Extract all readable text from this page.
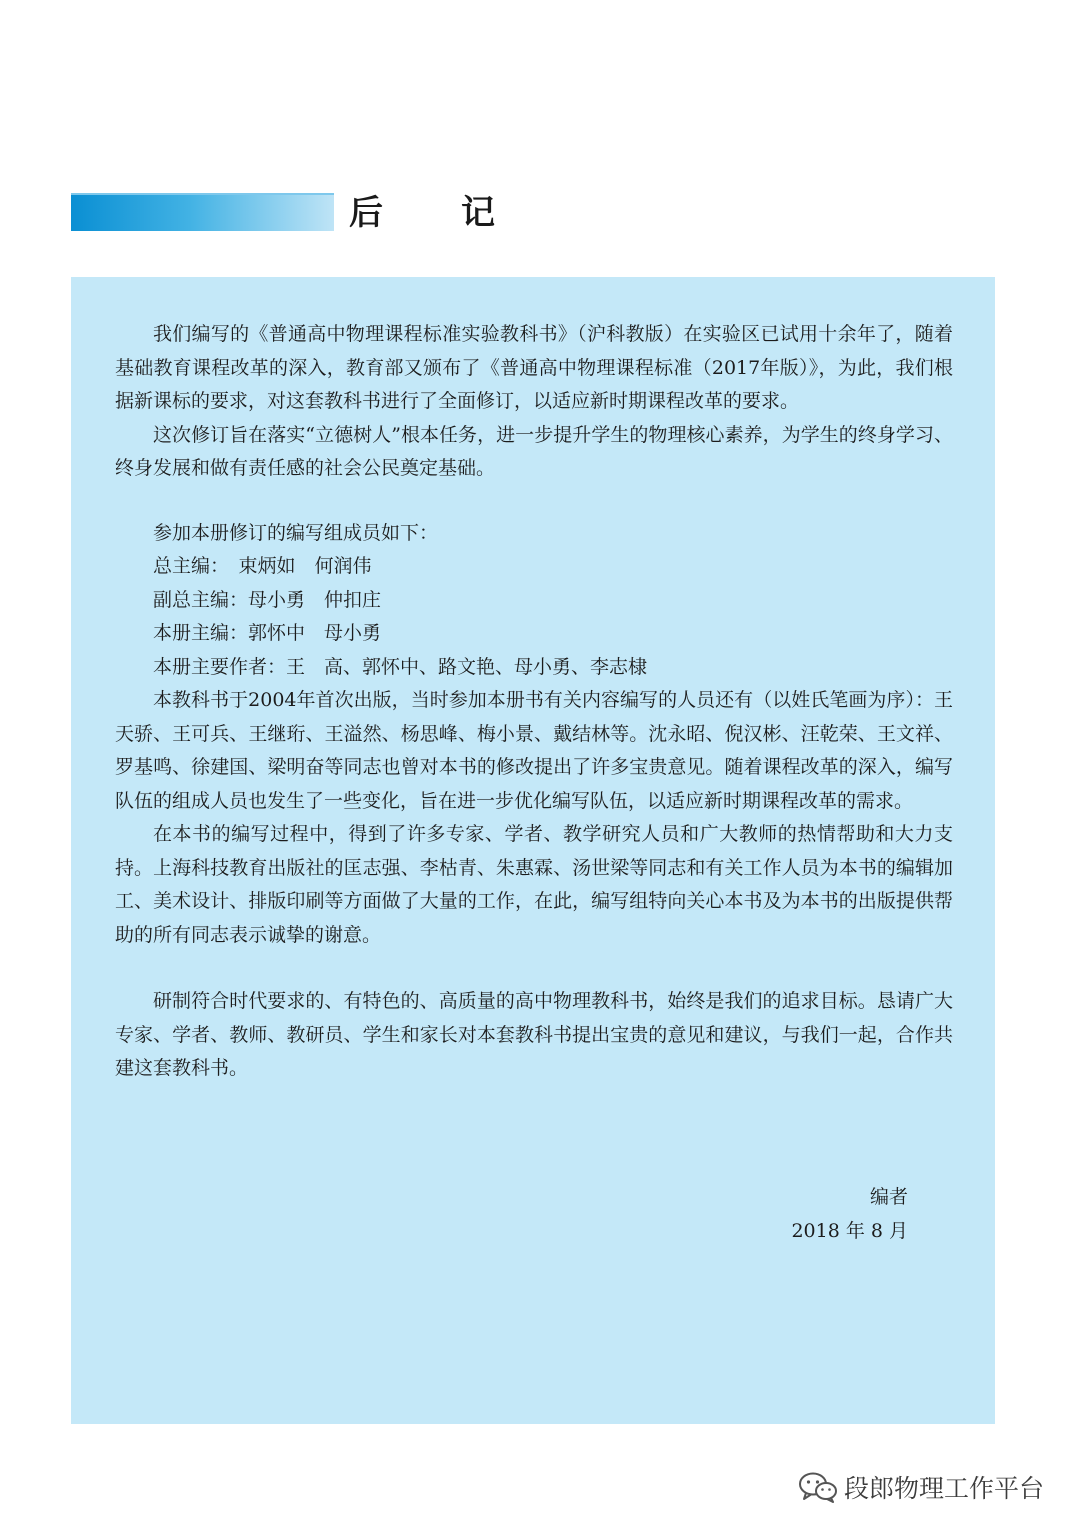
后记

我们编写的《普通高中物理课程标准实验教科书》（沪科教版）在实验区已试用十余年了，随着基础教育课程改革的深入，教育部又颁布了《普通高中物理课程标准（2017年版）》，为此，我们根据新课标的要求，对这套教科书进行了全面修订，以适应新时期课程改革的要求。

这次修订旨在落实“立德树人”根本任务，进一步提升学生的物理核心素养，为学生的终身学习、终身发展和做有责任感的社会公民奠定基础。

参加本册修订的编写组成员如下：

总主编：　束炳如　何润伟

副总主编：母小勇　仲扣庄

本册主编：郭怀中　母小勇

本册主要作者：王　高、郭怀中、路文艳、母小勇、李志棣

本教科书于2004年首次出版，当时参加本册书有关内容编写的人员还有（以姓氏笔画为序）：王天骄、王可兵、王继珩、王溢然、杨思峰、梅小景、戴结林等。沈永昭、倪汉彬、汪乾荣、王文祥、罗基鸣、徐建国、梁明奋等同志也曾对本书的修改提出了许多宝贵意见。随着课程改革的深入，编写队伍的组成人员也发生了一些变化，旨在进一步优化编写队伍，以适应新时期课程改革的需求。

在本书的编写过程中，得到了许多专家、学者、教学研究人员和广大教师的热情帮助和大力支持。上海科技教育出版社的匡志强、李枯青、朱惠霖、汤世梁等同志和有关工作人员为本书的编辑加工、美术设计、排版印刷等方面做了大量的工作，在此，编写组特向关心本书及为本书的出版提供帮助的所有同志表示诚挚的谢意。

研制符合时代要求的、有特色的、高质量的高中物理教科书，始终是我们的追求目标。恳请广大专家、学者、教师、教研员、学生和家长对本套教科书提出宝贵的意见和建议，与我们一起，合作共建这套教科书。

编者
2018 年 8 月
段郎物理工作平台
